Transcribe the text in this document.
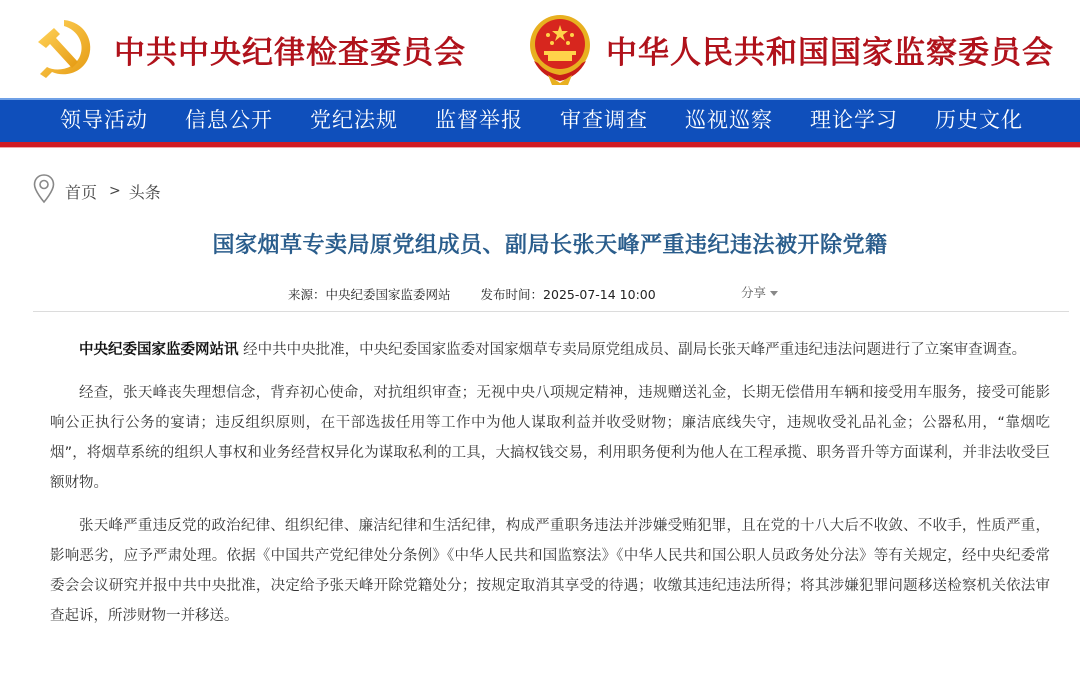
中共中央纪律检查委员会	中华人民共和国国家监察委员会
领导活动 信息公开 党纪法规 监督举报 审查调查 巡视巡察 理论学习 历史文化
首页 > 头条
国家烟草专卖局原党组成员、副局长张天峰严重违纪违法被开除党籍
来源：中央纪委国家监委网站 发布时间：2025-07-14 10:00	分享

中央纪委国家监委网站讯 经中共中央批准，中央纪委国家监委对国家烟草专卖局原党组成员、副局长张天峰严重违纪违法问题进行了立案审查调查。

经查，张天峰丧失理想信念，背弃初心使命，对抗组织审查；无视中央八项规定精神，违规赠送礼金，长期无偿借用车辆和接受用车服务，接受可能影响公正执行公务的宴请；违反组织原则，在干部选拔任用等工作中为他人谋取利益并收受财物；廉洁底线失守，违规收受礼品礼金；公器私用，“靠烟吃烟”，将烟草系统的组织人事权和业务经营权异化为谋取私利的工具，大搞权钱交易，利用职务便利为他人在工程承揽、职务晋升等方面谋利，并非法收受巨额财物。

张天峰严重违反党的政治纪律、组织纪律、廉洁纪律和生活纪律，构成严重职务违法并涉嫌受贿犯罪，且在党的十八大后不收敛、不收手，性质严重，影响恶劣，应予严肃处理。依据《中国共产党纪律处分条例》《中华人民共和国监察法》《中华人民共和国公职人员政务处分法》等有关规定，经中央纪委常委会会议研究并报中共中央批准，决定给予张天峰开除党籍处分；按规定取消其享受的待遇；收缴其违纪违法所得；将其涉嫌犯罪问题移送检察机关依法审查起诉，所涉财物一并移送。
